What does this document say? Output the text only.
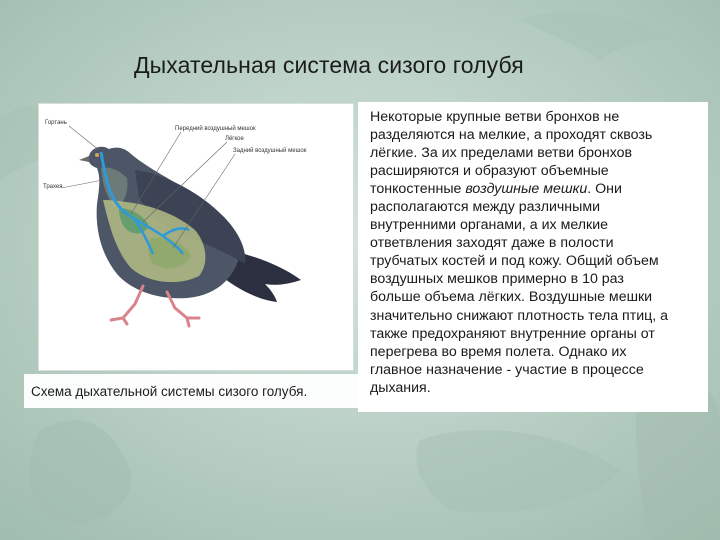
Дыхательная система сизого голубя
Гортань
Трахея
Передний воздушный мешок
Лёгкое
Задний воздушный мешок
Схема дыхательной системы сизого голубя.
Некоторые крупные ветви бронхов не
разделяются на мелкие, а проходят сквозь
лёгкие. За их пределами ветви бронхов
расширяются и образуют объемные
тонкостенные воздушные мешки. Они
располагаются между различными
внутренними органами, а их мелкие
ответвления заходят даже в полости
трубчатых костей и под кожу. Общий объем
воздушных мешков примерно в 10 раз
больше объема лёгких. Воздушные мешки
значительно снижают плотность тела птиц, а
также предохраняют внутренние органы от
перегрева во время полета. Однако их
главное назначение - участие в процессе
дыхания.
